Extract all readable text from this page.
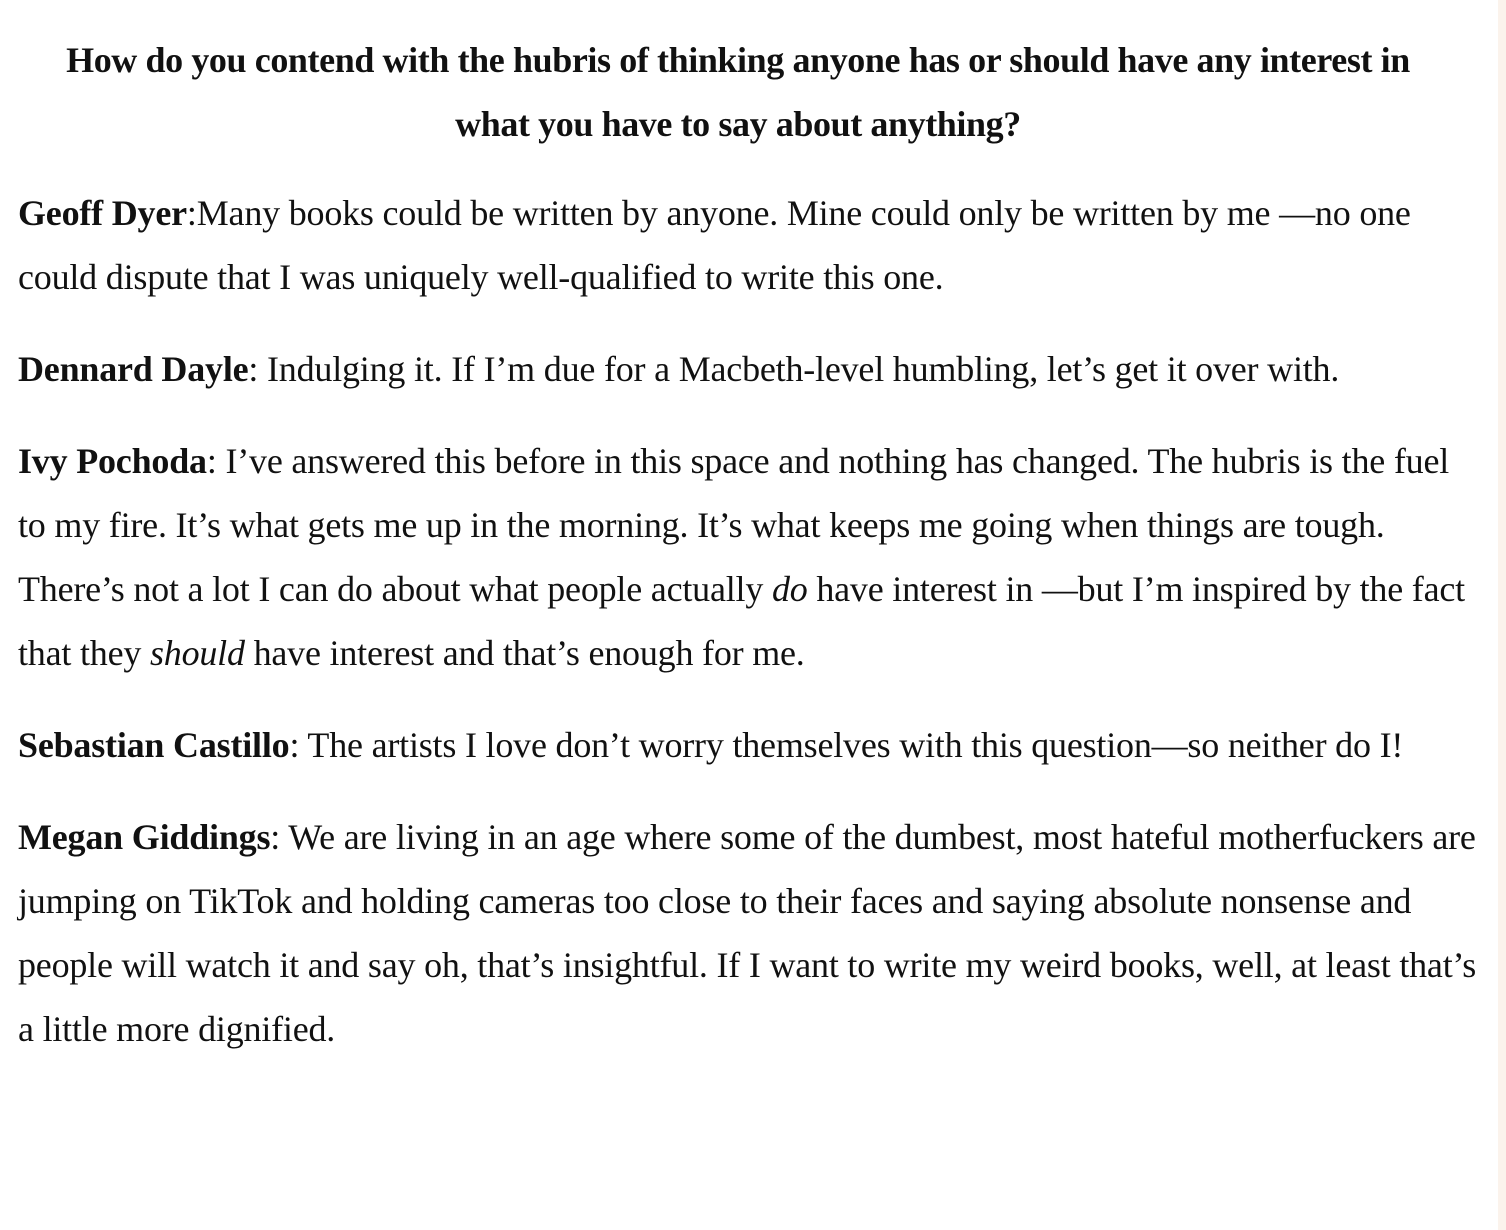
How do you contend with the hubris of thinking anyone has or should have any interest in what you have to say about anything?

Geoff Dyer:Many books could be written by anyone. Mine could only be written by me —no one could dispute that I was uniquely well-qualified to write this one.

Dennard Dayle: Indulging it. If I’m due for a Macbeth-level humbling, let’s get it over with.

Ivy Pochoda: I’ve answered this before in this space and nothing has changed. The hubris is the fuel to my fire. It’s what gets me up in the morning. It’s what keeps me going when things are tough. There’s not a lot I can do about what people actually do have interest in —but I’m inspired by the fact that they should have interest and that’s enough for me.

Sebastian Castillo: The artists I love don’t worry themselves with this question—so neither do I!

Megan Giddings: We are living in an age where some of the dumbest, most hateful motherfuckers are jumping on TikTok and holding cameras too close to their faces and saying absolute nonsense and people will watch it and say oh, that’s insightful. If I want to write my weird books, well, at least that’s a little more dignified.
